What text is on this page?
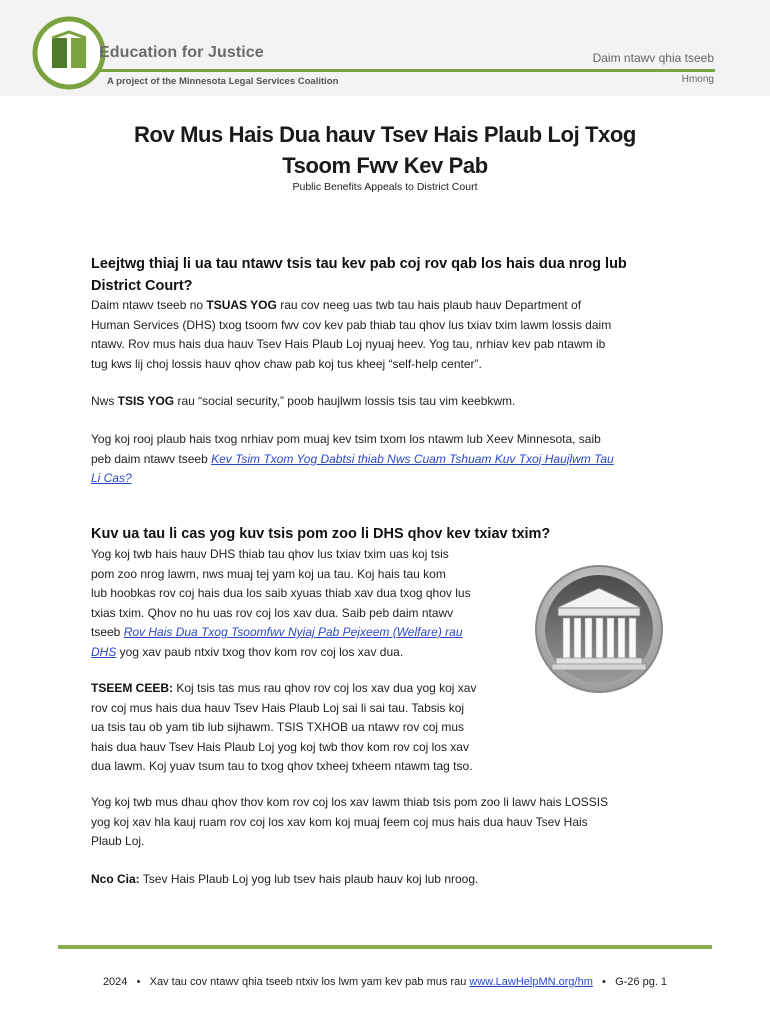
Education for Justice
A project of the Minnesota Legal Services Coalition
Daim ntawv qhia tseeb
Hmong
Rov Mus Hais Dua hauv Tsev Hais Plaub Loj Txog
Tsoom Fwv Kev Pab
Public Benefits Appeals to District Court
Leejtwg thiaj li ua tau ntawv tsis tau kev pab coj rov qab los hais dua nrog lub
District Court?
Daim ntawv tseeb no TSUAS YOG rau cov neeg uas twb tau hais plaub hauv Department of
Human Services (DHS) txog tsoom fwv cov kev pab thiab tau qhov lus txiav txim lawm lossis daim
ntawv. Rov mus hais dua hauv Tsev Hais Plaub Loj nyuaj heev. Yog tau, nrhiav kev pab ntawm ib
tug kws lij choj lossis hauv qhov chaw pab koj tus kheej “self-help center”.
Nws TSIS YOG rau “social security,” poob haujlwm lossis tsis tau vim keebkwm.
Yog koj rooj plaub hais txog nrhiav pom muaj kev tsim txom los ntawm lub Xeev Minnesota, saib
peb daim ntawv tseeb Kev Tsim Txom Yog Dabtsi thiab Nws Cuam Tshuam Kuv Txoj Haujlwm Tau
Li Cas?
Kuv ua tau li cas yog kuv tsis pom zoo li DHS qhov kev txiav txim?
Yog koj twb hais hauv DHS thiab tau qhov lus txiav txim uas koj tsis
pom zoo nrog lawm, nws muaj tej yam koj ua tau. Koj hais tau kom
lub hoobkas rov coj hais dua los saib xyuas thiab xav dua txog qhov lus
txias txim. Qhov no hu uas rov coj los xav dua. Saib peb daim ntawv
tseeb Rov Hais Dua Txog Tsoomfwv Nyiaj Pab Pejxeem (Welfare) rau
DHS yog xav paub ntxiv txog thov kom rov coj los xav dua.
TSEEM CEEB: Koj tsis tas mus rau qhov rov coj los xav dua yog koj xav
rov coj mus hais dua hauv Tsev Hais Plaub Loj sai li sai tau. Tabsis koj
ua tsis tau ob yam tib lub sijhawm. TSIS TXHOB ua ntawv rov coj mus
hais dua hauv Tsev Hais Plaub Loj yog koj twb thov kom rov coj los xav
dua lawm. Koj yuav tsum tau to txog qhov txheej txheem ntawm tag tso.
Yog koj twb mus dhau qhov thov kom rov coj los xav lawm thiab tsis pom zoo li lawv hais LOSSIS
yog koj xav hla kauj ruam rov coj los xav kom koj muaj feem coj mus hais dua hauv Tsev Hais
Plaub Loj.
Nco Cia: Tsev Hais Plaub Loj yog lub tsev hais plaub hauv koj lub nroog.
2024 • Xav tau cov ntawv qhia tseeb ntxiv los lwm yam kev pab mus rau www.LawHelpMN.org/hm • G-26 pg. 1
